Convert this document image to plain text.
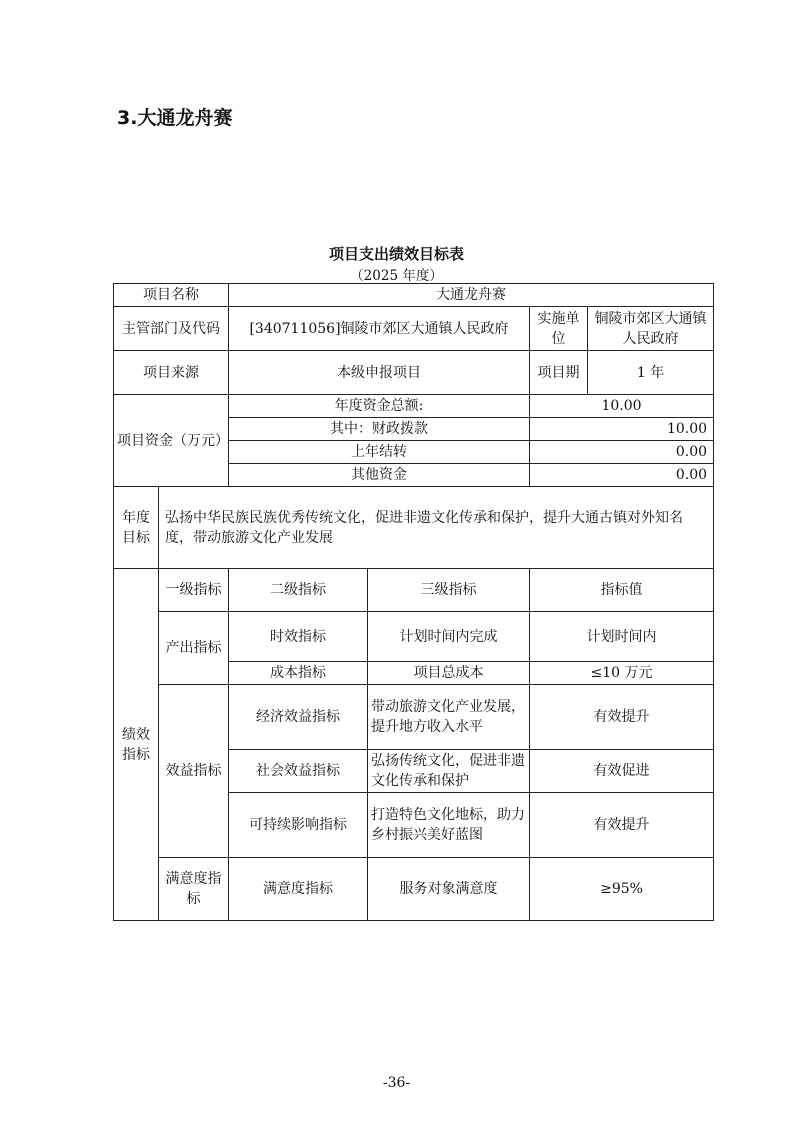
3.大通龙舟赛
项目支出绩效目标表
（2025 年度）
项目名称		大通龙舟赛			
主管部门及代码		[340711056]铜陵市郊区大通镇人民政府		实施单位	铜陵市郊区大通镇人民政府
项目来源		本级申报项目		项目期	1 年
项目资金（万元）		年度资金总额:		10.00	
		其中：财政拨款		10.00	
		上年结转		0.00	
		其他资金		0.00	
年度目标	弘扬中华民族民族优秀传统文化，促进非遗文化传承和保护，提升大通古镇对外知名度，带动旅游文化产业发展				
绩效指标	一级指标	二级指标	三级指标	指标值	
	产出指标	时效指标	计划时间内完成	计划时间内	
		成本指标	项目总成本	≤10 万元	
	效益指标	经济效益指标	带动旅游文化产业发展，提升地方收入水平	有效提升	
		社会效益指标	弘扬传统文化，促进非遗文化传承和保护	有效促进	
		可持续影响指标	打造特色文化地标，助力乡村振兴美好蓝图	有效提升	
	满意度指标	满意度指标	服务对象满意度	≥95%	
-36-
